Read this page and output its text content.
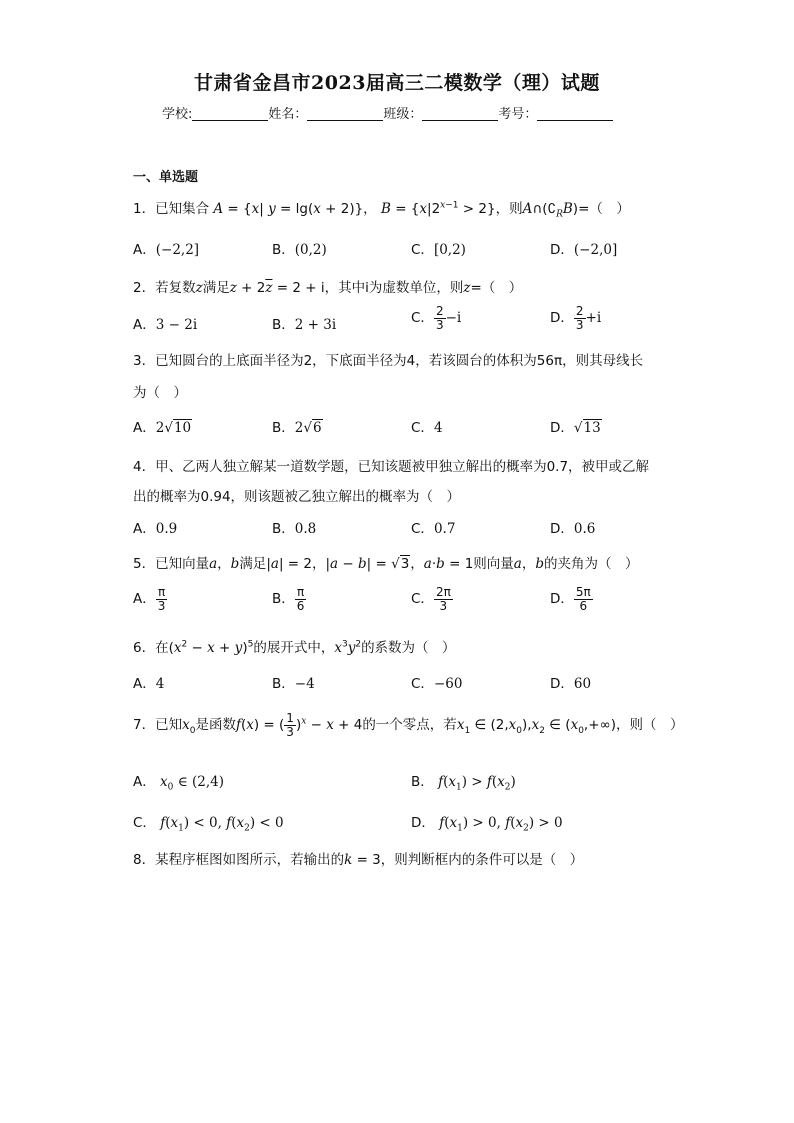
甘肃省金昌市2023届高三二模数学（理）试题
学校:	姓名：	班级：	考号：
一、单选题
1．已知集合 A = {x| y = lg(x + 2)}， $B = \{x|2^{x-1} > 2\}$，则$A\cap(∁_RB)=$（　）
A．(−2,2]	B．(0,2)	C．[0,2)	D．(−2,0]
2．若复数z满足$z + 2\overline{z} = 2 + i$，其中i为虚数单位，则z=（　）
A．3 − 2i	B．2 + 3i	C． $\frac{2}{3} -i$	D． $\frac{2}{3} +i$
3．已知圆台的上底面半径为2，下底面半径为4，若该圆台的体积为56π，则其母线长
为（　）
A．2√10	B．2√6	C．4	D．√13
4．甲、乙两人独立解某一道数学题，已知该题被甲独立解出的概率为0.7，被甲或乙解
出的概率为0.94，则该题被乙独立解出的概率为（　）
A．0.9	B．0.8	C．0.7	D．0.6
5．已知向量a，b满足|a| = 2，|a − b| = √3，a·b = 1则向量a，b的夹角为（　）
A． $\frac{\pi}{3}$	B． $\frac{\pi}{6}$	C． $\frac{2\pi}{3}$	D． $\frac{5\pi}{6}$
6．在$(x^2 - x + y)^5$的展开式中，$x^3y^2$的系数为（　）
A．4	B．−4	C．−60	D．60
7．已知$x_0$是函数f(x) = ( $\frac{1}{3} )^x - x + 4$的一个零点，若$x_1$ ∈ $(2,x_0),x_2$ ∈ $(x_0,+\infty)$，则（　）
A． $x_0$ ∈ (2,4)	B． $f(x_1) > f(x_2)$
C． $f(x_1) < 0$, $f(x_2) < 0$	D． $f(x_1) > 0$, $f(x_2) > 0$
8．某程序框图如图所示，若输出的k = 3，则判断框内的条件可以是（　）
